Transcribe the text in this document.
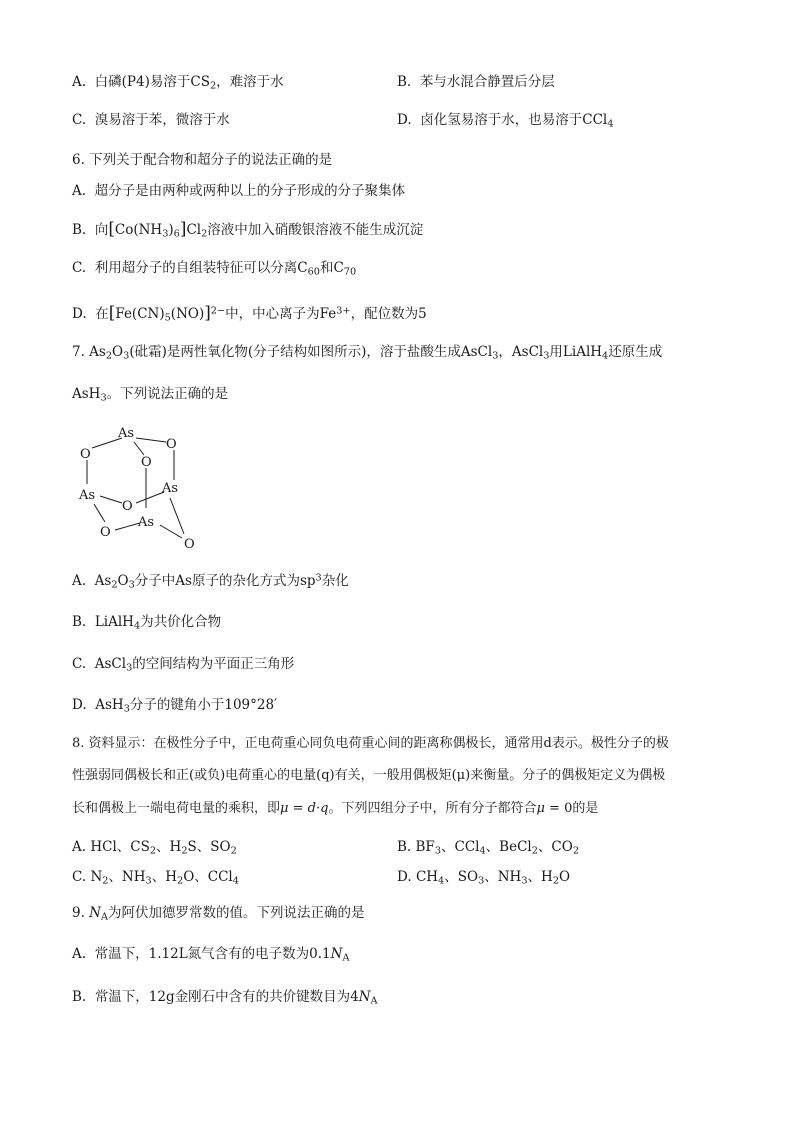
A. 白磷(P4)易溶于$CS_2$，难溶于水	B. 苯与水混合静置后分层
C. 溴易溶于苯，微溶于水	D. 卤化氢易溶于水，也易溶于CCl$_4$
6. 下列关于配合物和超分子的说法正确的是
A. 超分子是由两种或两种以上的分子形成的分子聚集体
B. 向$[Co(NH_3)_6]Cl_2$溶液中加入硝酸银溶液不能生成沉淀
C. 利用超分子的自组装特征可以分离$C_{60}$和$C_{70}$
D. 在$[Fe(CN)_5(NO)]^{2-}$中，中心离子为$Fe^{3+}$，配位数为5
7. $As_2O_3$(砒霜)是两性氧化物(分子结构如图所示)，溶于盐酸生成AsCl$_3$，AsCl$_3$用LiAlH$_4$还原生成
AsH$_3$。下列说法正确的是
As
O
O
O
As	As
O
As
O
O
A. $As_2O_3$分子中As原子的杂化方式为$sp^3$杂化
B. LiAlH$_4$为共价化合物
C. AsCl$_3$的空间结构为平面正三角形
D. AsH$_3$分子的键角小于109°28′
8. 资料显示：在极性分子中，正电荷重心同负电荷重心间的距离称偶极长，通常用d表示。极性分子的极
性强弱同偶极长和正(或负)电荷重心的电量(q)有关，一般用偶极矩(μ)来衡量。分子的偶极矩定义为偶极
长和偶极上一端电荷电量的乘积，即μ = d·q。下列四组分子中，所有分子都符合μ = 0的是
A. HCl、$CS_2$、$H_2S$、$SO_2$	B. $BF_3$、CCl$_4$、BeCl$_2$、$CO_2$
C. $N_2$、$NH_3$、$H_2O$、CCl$_4$	D. $CH_4$、$SO_3$、$NH_3$、$H_2O$
9. $N_A$为阿伏加德罗常数的值。下列说法正确的是
A. 常温下，1.12L氮气含有的电子数为$0.1N_A$
B. 常温下，12g金刚石中含有的共价键数目为$4N_A$
